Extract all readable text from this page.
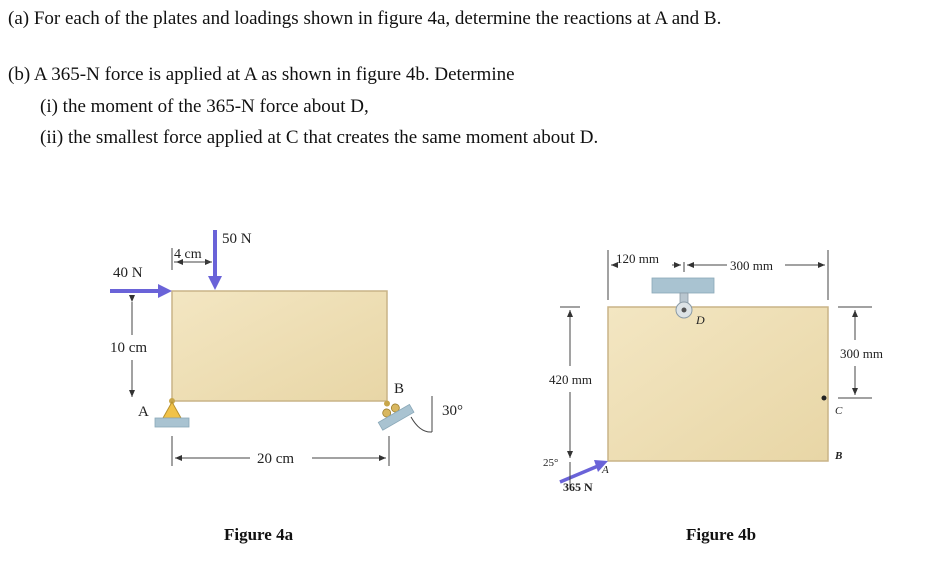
(a) For each of the plates and loadings shown in figure 4a, determine the reactions at A and B.
(b) A 365-N force is applied at A as shown in figure 4b. Determine
(i) the moment of the 365-N force about D,
(ii) the smallest force applied at C that creates the same moment about D.
40 N
50 N
4 cm
10 cm
A
B
30°
20 cm
Figure 4a
D
120 mm	300 mm
420 mm
300 mm
C
B
A
25°
365 N
Figure 4b
